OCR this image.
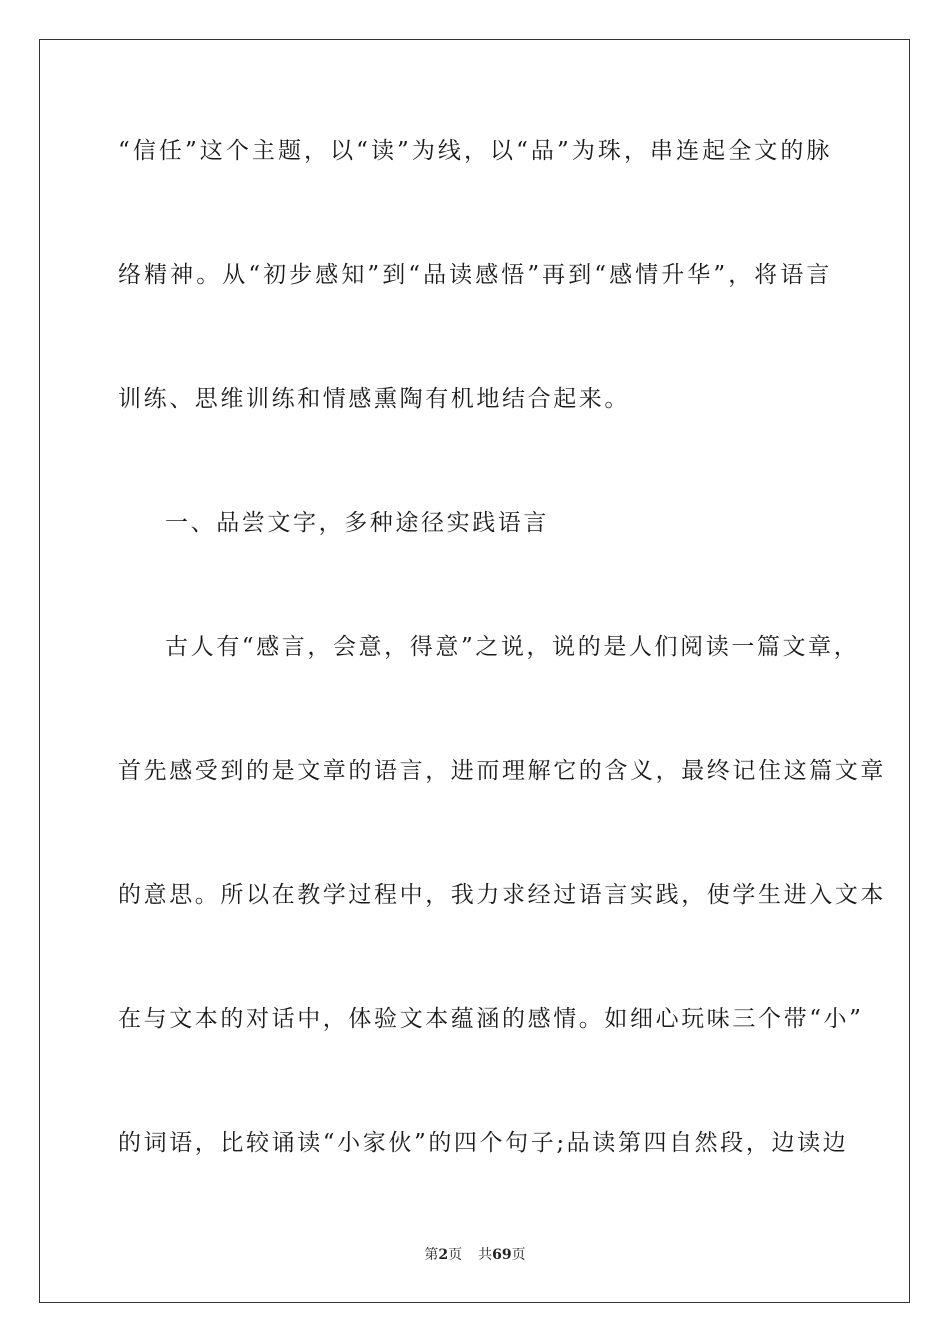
“信任”这个主题，以“读”为线，以“品”为珠，串连起全文的脉
络精神。从“初步感知”到“品读感悟”再到“感情升华”，将语言
训练、思维训练和情感熏陶有机地结合起来。
一、品尝文字，多种途径实践语言
古人有“感言，会意，得意”之说，说的是人们阅读一篇文章，
首先感受到的是文章的语言，进而理解它的含义，最终记住这篇文章
的意思。所以在教学过程中，我力求经过语言实践，使学生进入文本
在与文本的对话中，体验文本蕴涵的感情。如细心玩味三个带“小”
的词语，比较诵读“小家伙”的四个句子;品读第四自然段，边读边
第2页 共69页
